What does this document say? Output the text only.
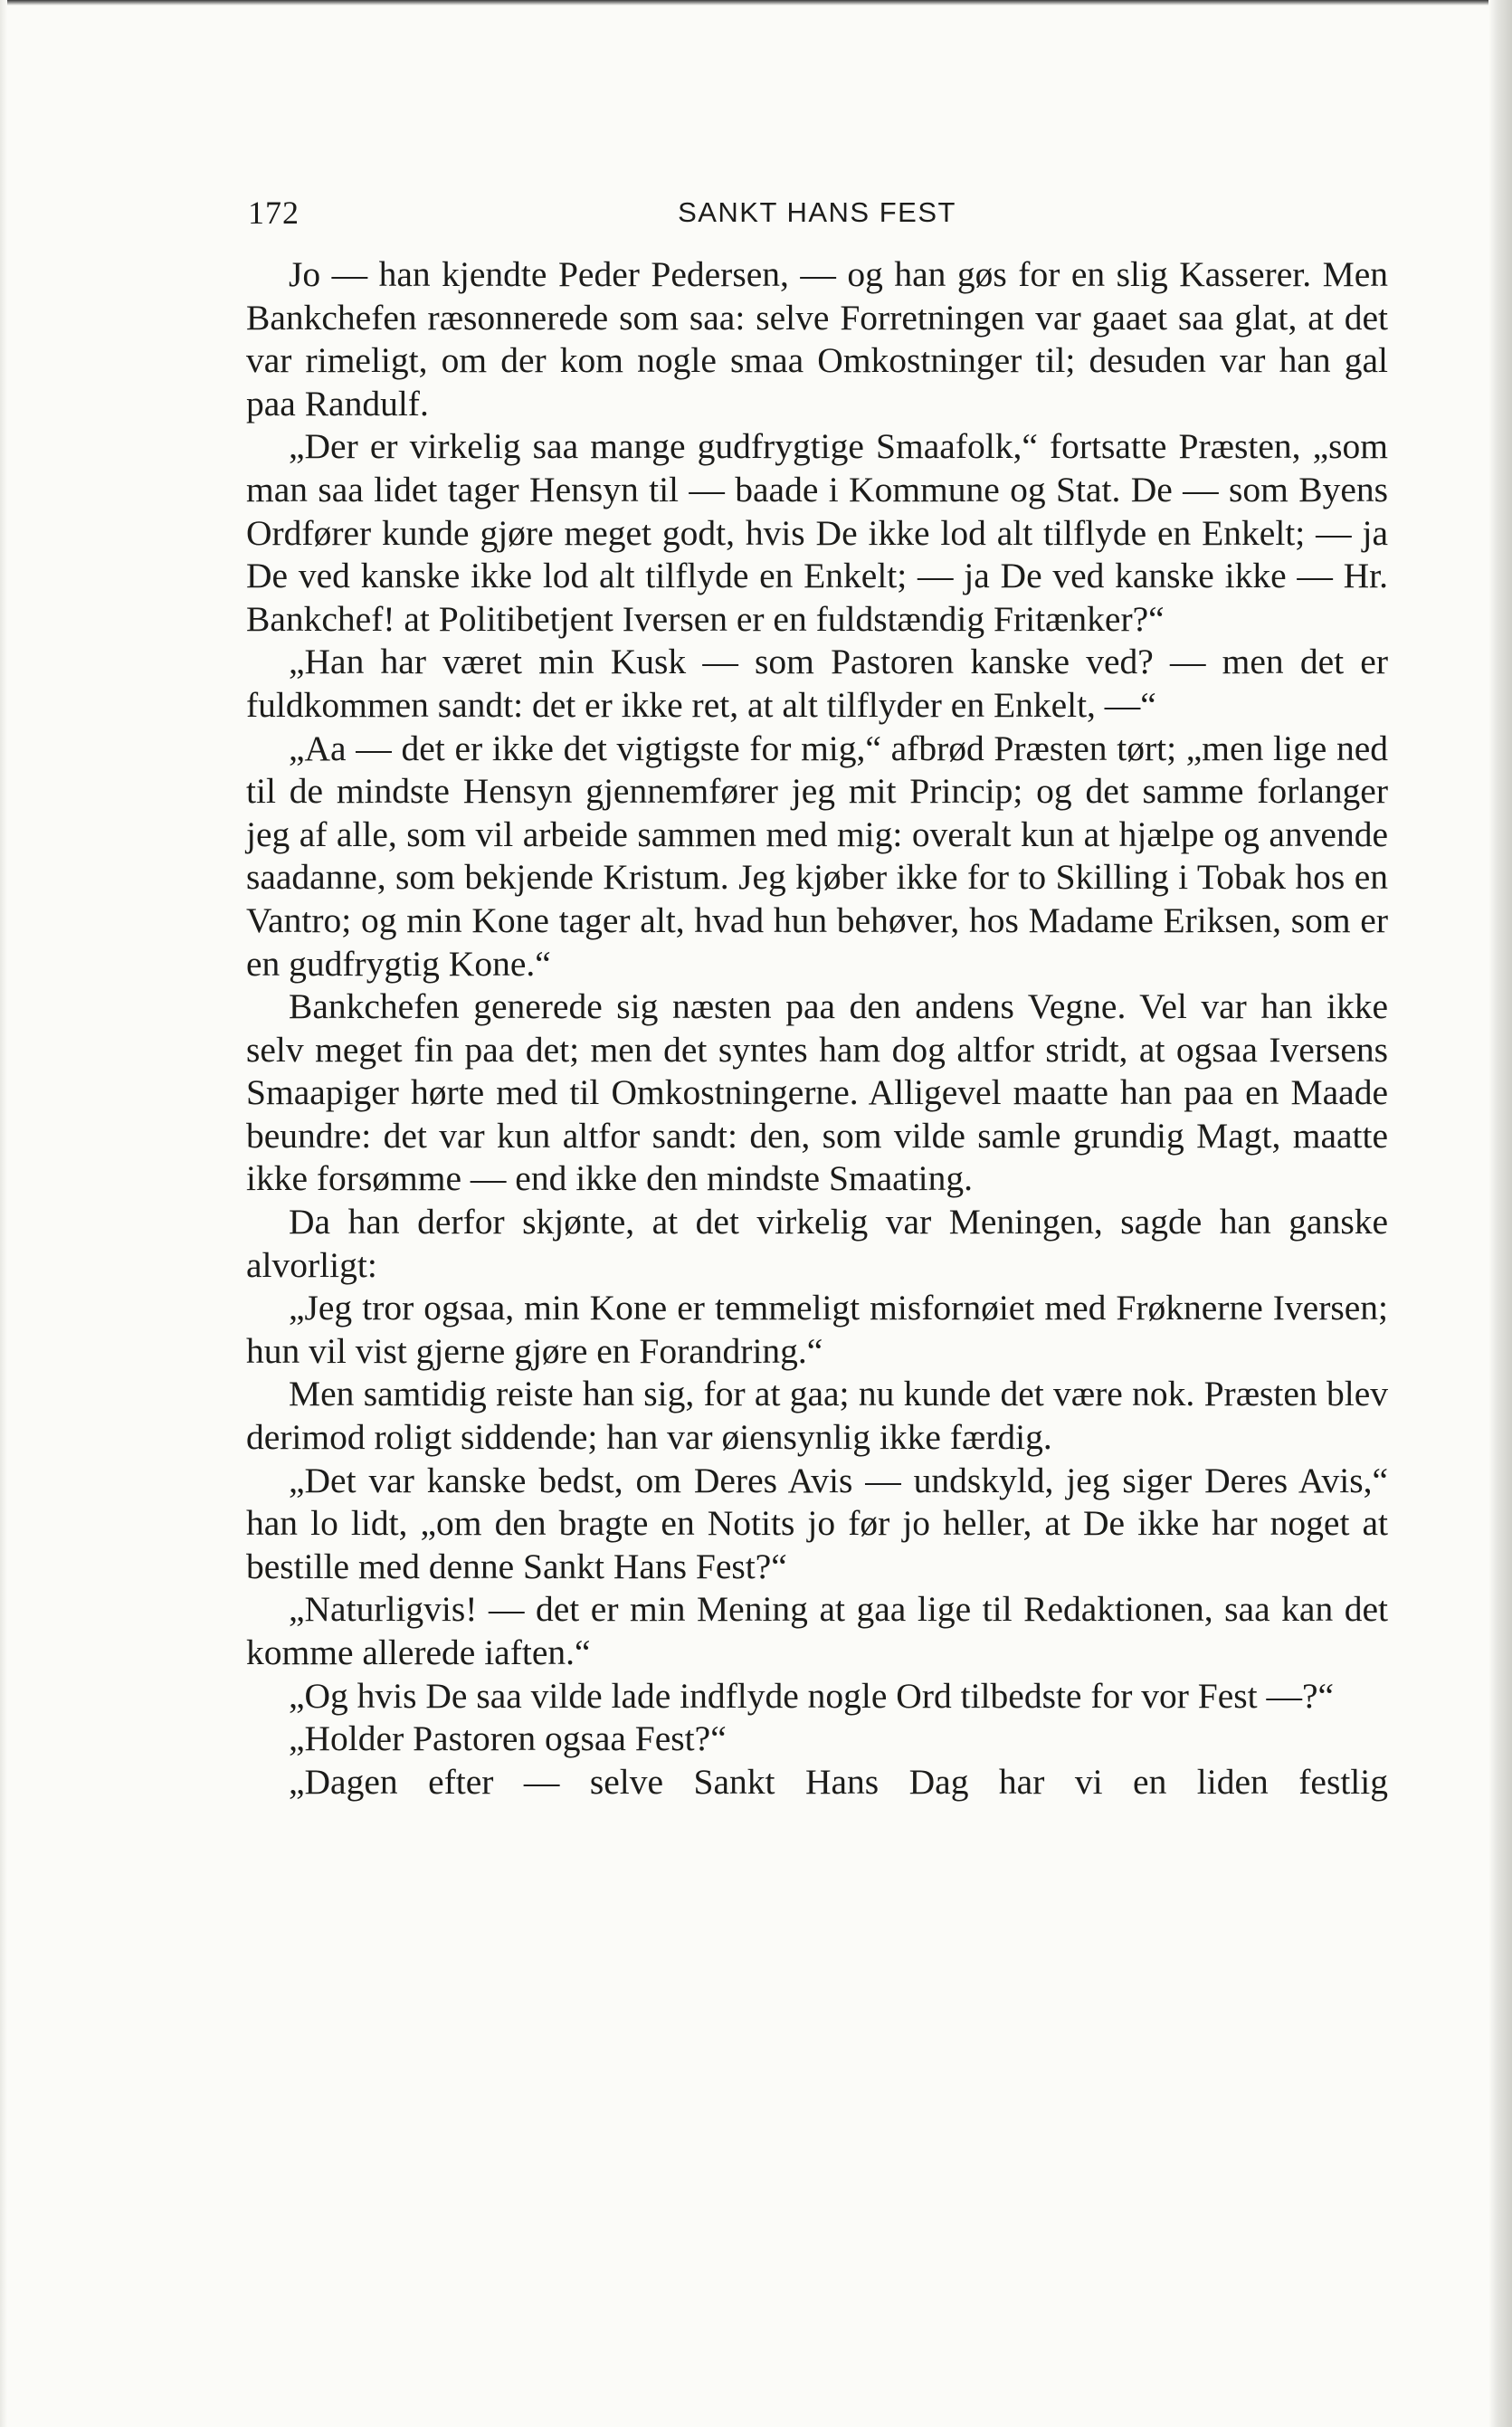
172	SANKT HANS FEST

Jo — han kjendte Peder Pedersen, — og han gøs for en slig Kasserer. Men Bankchefen ræsonnerede som saa: selve Forretningen var gaaet saa glat, at det var rimeligt, om der kom nogle smaa Omkostninger til; desuden var han gal paa Randulf.

„Der er virkelig saa mange gudfrygtige Smaafolk,“ fortsatte Præsten, „som man saa lidet tager Hensyn til — baade i Kommune og Stat. De — som Byens Ordfører kunde gjøre meget godt, hvis De ikke lod alt tilflyde en Enkelt; — ja De ved kanske ikke lod alt tilflyde en Enkelt; — ja De ved kanske ikke — Hr. Bankchef! at Politibetjent Iversen er en fuldstændig Fritænker?“

„Han har været min Kusk — som Pastoren kanske ved? — men det er fuldkommen sandt: det er ikke ret, at alt tilflyder en Enkelt, —“

„Aa — det er ikke det vigtigste for mig,“ afbrød Præsten tørt; „men lige ned til de mindste Hensyn gjennemfører jeg mit Princip; og det samme forlanger jeg af alle, som vil arbeide sammen med mig: overalt kun at hjælpe og anvende saadanne, som bekjende Kristum. Jeg kjøber ikke for to Skilling i Tobak hos en Vantro; og min Kone tager alt, hvad hun behøver, hos Madame Eriksen, som er en gudfrygtig Kone.“

Bankchefen generede sig næsten paa den andens Vegne. Vel var han ikke selv meget fin paa det; men det syntes ham dog altfor stridt, at ogsaa Iversens Smaapiger hørte med til Omkostningerne. Alligevel maatte han paa en Maade beundre: det var kun altfor sandt: den, som vilde samle grundig Magt, maatte ikke forsømme — end ikke den mindste Smaating.

Da han derfor skjønte, at det virkelig var Meningen, sagde han ganske alvorligt:

„Jeg tror ogsaa, min Kone er temmeligt misfornøiet med Frøknerne Iversen; hun vil vist gjerne gjøre en Forandring.“

Men samtidig reiste han sig, for at gaa; nu kunde det være nok. Præsten blev derimod roligt siddende; han var øiensynlig ikke færdig.

„Det var kanske bedst, om Deres Avis — undskyld, jeg siger Deres Avis,“ han lo lidt, „om den bragte en Notits jo før jo heller, at De ikke har noget at bestille med denne Sankt Hans Fest?“

„Naturligvis! — det er min Mening at gaa lige til Redaktionen, saa kan det komme allerede iaften.“

„Og hvis De saa vilde lade indflyde nogle Ord tilbedste for vor Fest —?“

„Holder Pastoren ogsaa Fest?“

„Dagen efter — selve Sankt Hans Dag har vi en liden festlig
